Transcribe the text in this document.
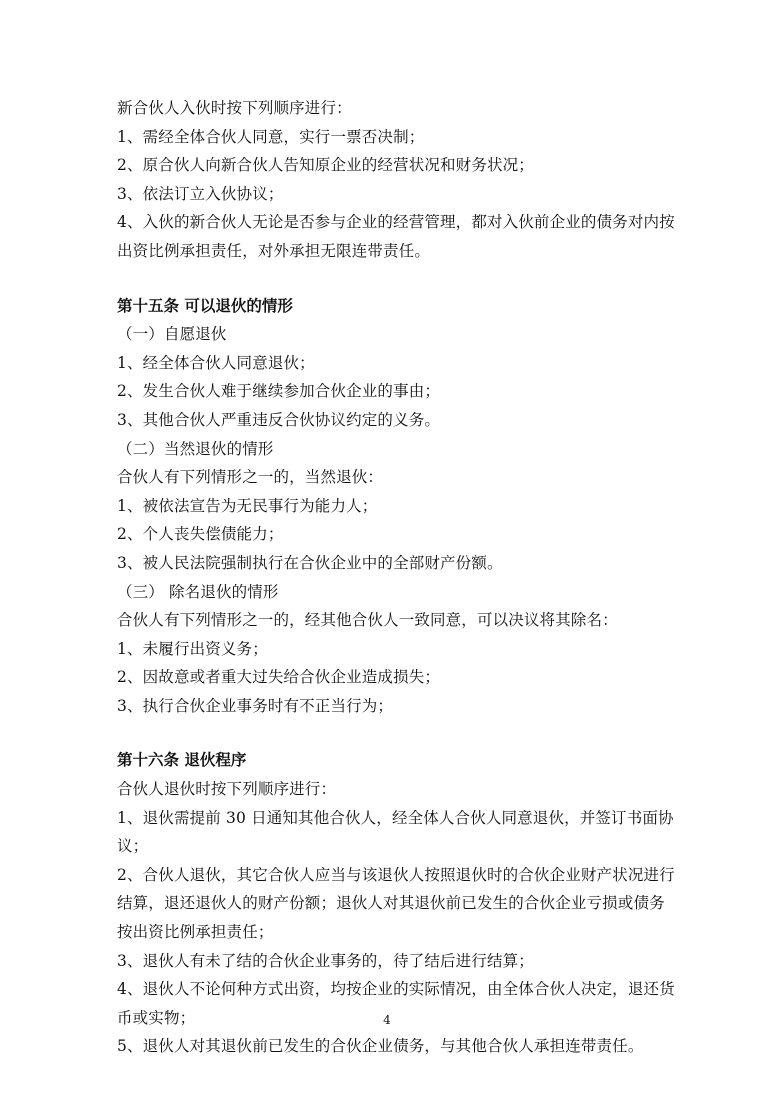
新合伙人入伙时按下列顺序进行：
1、需经全体合伙人同意，实行一票否决制；
2、原合伙人向新合伙人告知原企业的经营状况和财务状况；
3、依法订立入伙协议；
4、入伙的新合伙人无论是否参与企业的经营管理，都对入伙前企业的债务对内按出资比例承担责任，对外承担无限连带责任。
第十五条 可以退伙的情形
（一）自愿退伙
1、经全体合伙人同意退伙；
2、发生合伙人难于继续参加合伙企业的事由；
3、其他合伙人严重违反合伙协议约定的义务。
（二）当然退伙的情形
合伙人有下列情形之一的，当然退伙：
1、被依法宣告为无民事行为能力人；
2、个人丧失偿债能力；
3、被人民法院强制执行在合伙企业中的全部财产份额。
（三） 除名退伙的情形
合伙人有下列情形之一的，经其他合伙人一致同意，可以决议将其除名：
1、未履行出资义务；
2、因故意或者重大过失给合伙企业造成损失；
3、执行合伙企业事务时有不正当行为；
第十六条 退伙程序
合伙人退伙时按下列顺序进行：
1、退伙需提前 30 日通知其他合伙人，经全体人合伙人同意退伙，并签订书面协议；
2、合伙人退伙，其它合伙人应当与该退伙人按照退伙时的合伙企业财产状况进行结算，退还退伙人的财产份额；退伙人对其退伙前已发生的合伙企业亏损或债务按出资比例承担责任；
3、退伙人有未了结的合伙企业事务的，待了结后进行结算；
4、退伙人不论何种方式出资，均按企业的实际情况，由全体合伙人决定，退还货币或实物；
5、退伙人对其退伙前已发生的合伙企业债务，与其他合伙人承担连带责任。
4
